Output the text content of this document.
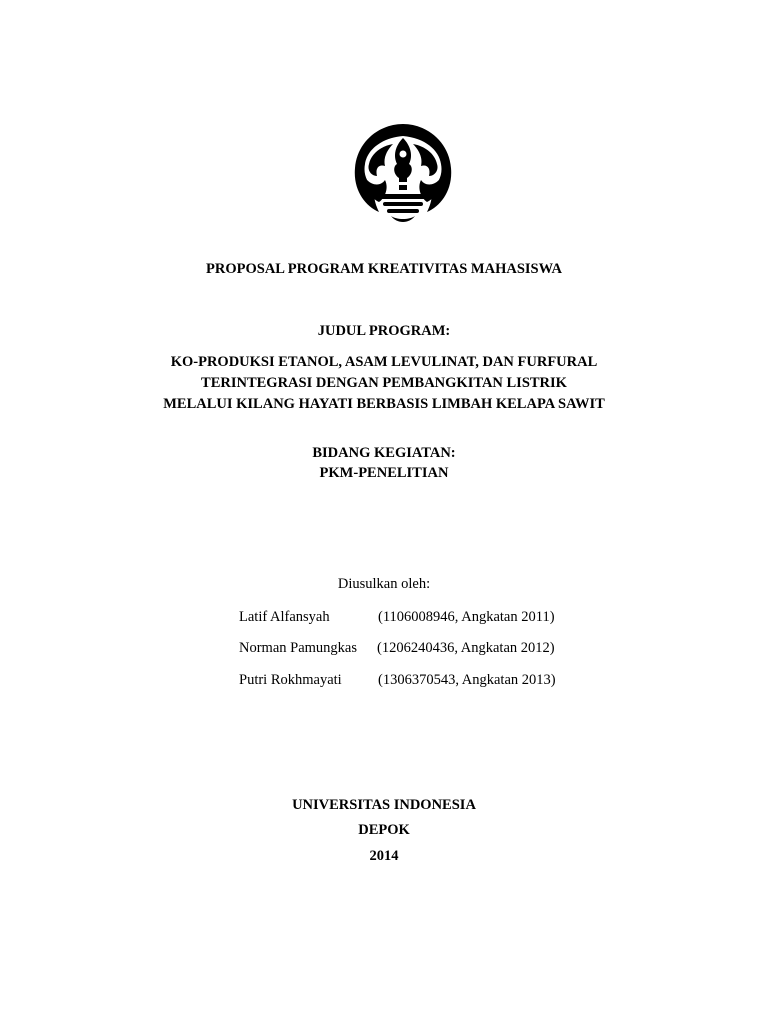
PROPOSAL PROGRAM KREATIVITAS MAHASISWA
JUDUL PROGRAM:
KO-PRODUKSI ETANOL, ASAM LEVULINAT, DAN FURFURAL
TERINTEGRASI DENGAN PEMBANGKITAN LISTRIK
MELALUI KILANG HAYATI BERBASIS LIMBAH KELAPA SAWIT
BIDANG KEGIATAN:
PKM-PENELITIAN
Diusulkan oleh:
Latif Alfansyah	(1106008946, Angkatan 2011)
Norman Pamungkas (1206240436, Angkatan 2012)
Putri Rokhmayati	(1306370543, Angkatan 2013)
UNIVERSITAS INDONESIA
DEPOK
2014
